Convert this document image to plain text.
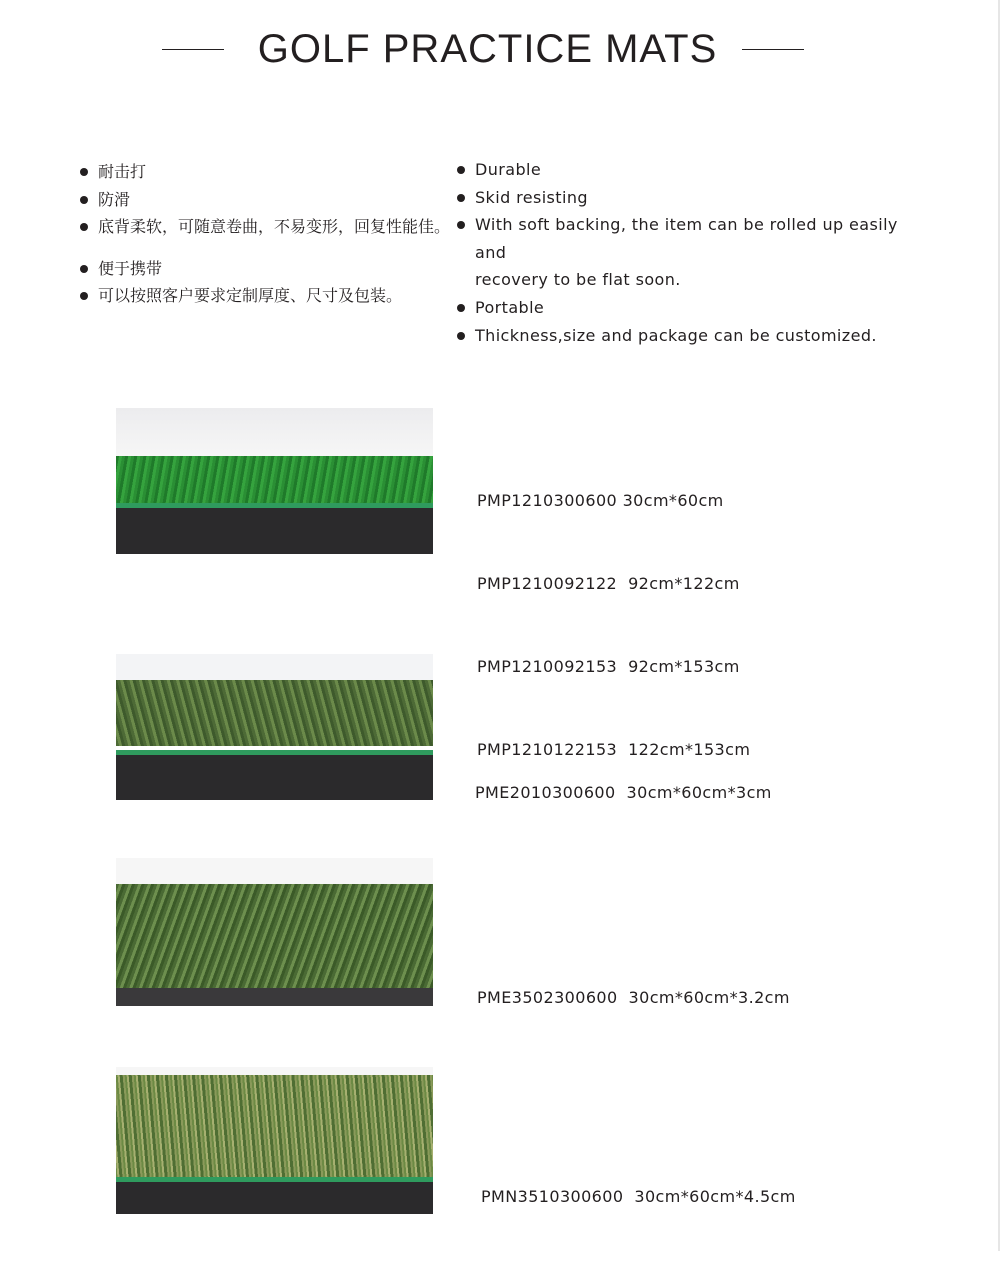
GOLF PRACTICE MATS
耐击打
防滑
底背柔软，可随意卷曲，不易变形，回复性能佳。
便于携带
可以按照客户要求定制厚度、尺寸及包装。
Durable
Skid resisting
With soft backing, the item can be rolled up easily and
recovery to be flat soon.
Portable
Thickness,size and package can be customized.

PMP1210300600 30cm*60cm

PMP1210092122  92cm*122cm

PMP1210092153  92cm*153cm

PMP1210122153  122cm*153cm

PME2010300600  30cm*60cm*3cm

PME3502300600  30cm*60cm*3.2cm

PMN3510300600  30cm*60cm*4.5cm
